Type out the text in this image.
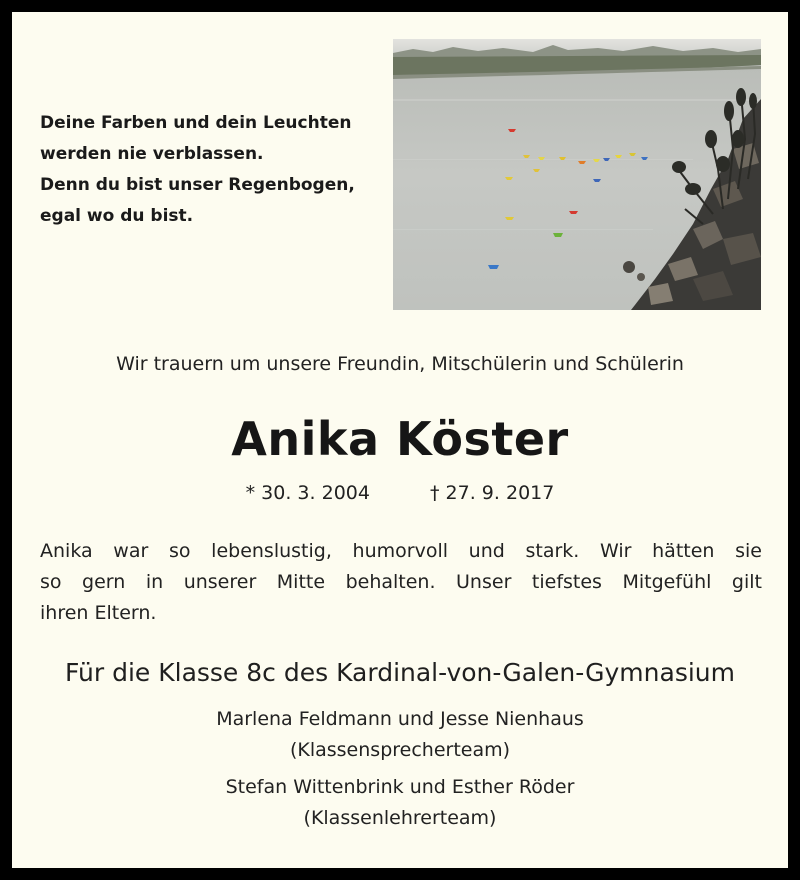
Deine Farben und dein Leuchten
werden nie verblassen.
Denn du bist unser Regenbogen,
egal wo du bist.
Wir trauern um unsere Freundin, Mitschülerin und Schülerin
Anika Köster
* 30. 3. 2004	† 27. 9. 2017
Anika war so lebenslustig, humorvoll und stark. Wir hätten sie
so gern in unserer Mitte behalten. Unser tiefstes Mitgefühl gilt
ihren Eltern.
Für die Klasse 8c des Kardinal-von-Galen-Gymnasium
Marlena Feldmann und Jesse Nienhaus
(Klassensprecherteam)
Stefan Wittenbrink und Esther Röder
(Klassenlehrerteam)
